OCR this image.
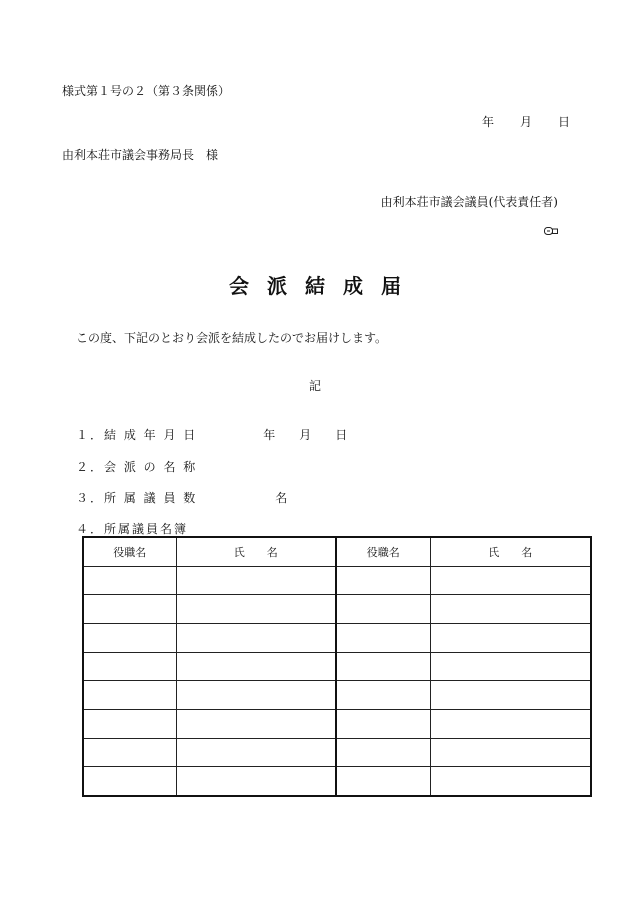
様式第１号の２（第３条関係）
年 月 日
由利本荘市議会事務局長　様
由利本荘市議会議員(代表責任者)
会派結成届
この度、下記のとおり会派を結成したのでお届けします。
記
１．結 成 年 月 日	年 月 日
２．会 派 の 名 称
３．所 属 議 員 数	名
４．所属議員名簿
役職名	氏　　名	役職名	氏　　名
